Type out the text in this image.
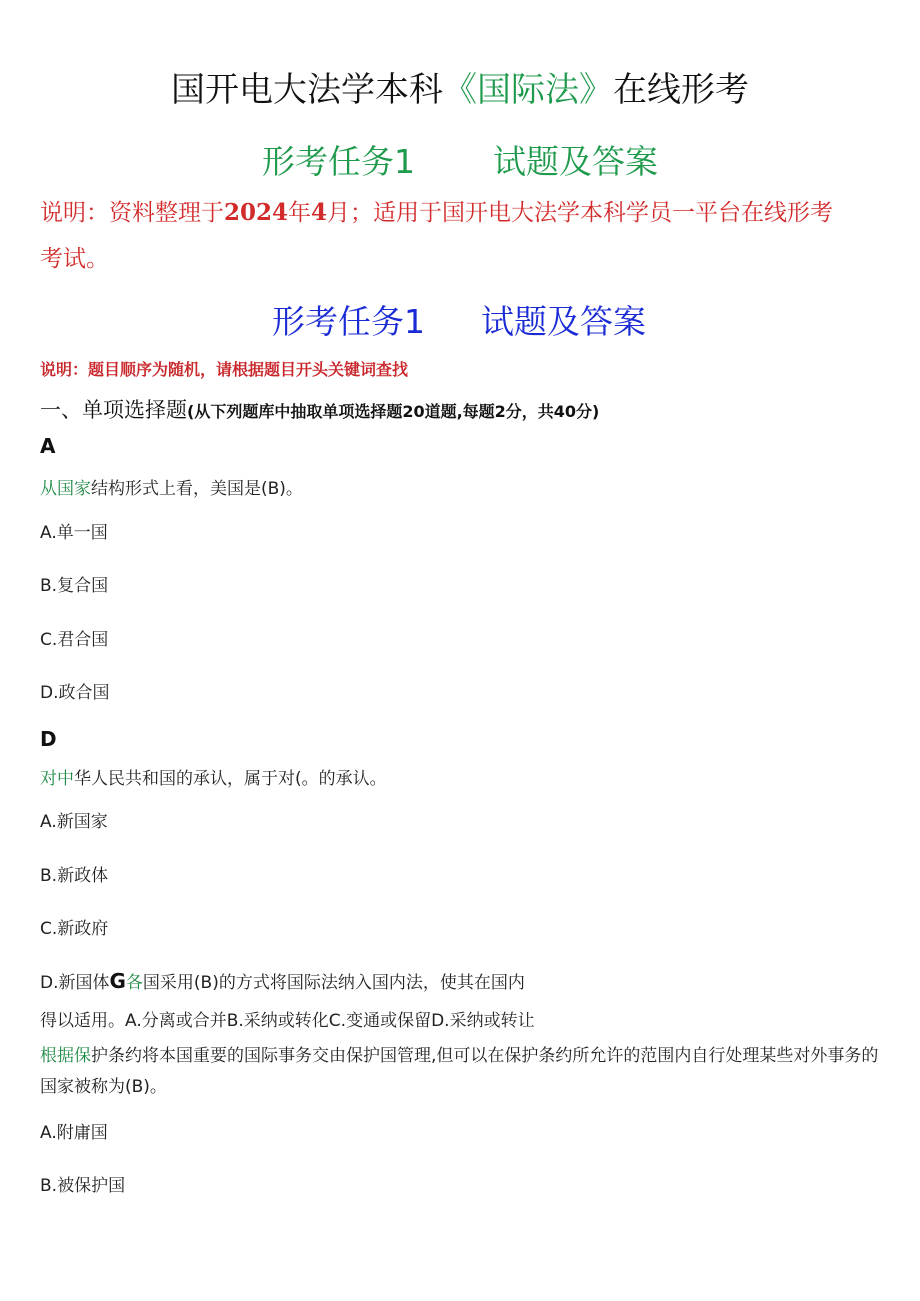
国开电大法学本科《国际法》在线形考
形考任务1 试题及答案
说明：资料整理于2024年4月；适用于国开电大法学本科学员一平台在线形考
考试。
形考任务1 试题及答案
说明：题目顺序为随机，请根据题目开头关键词查找
一、单项选择题(从下列题库中抽取单项选择题20道题,每题2分，共40分)
A
从国家结构形式上看，美国是(B)。
A.单一国
B.复合国
C.君合国
D.政合国
D
对中华人民共和国的承认，属于对(。的承认。
A.新国家
B.新政体
C.新政府
D.新国体G各国采用(B)的方式将国际法纳入国内法，使其在国内
得以适用。A.分离或合并B.采纳或转化C.变通或保留D.采纳或转让
根据保护条约将本国重要的国际事务交由保护国管理,但可以在保护条约所允许的范围内自行处理某些对外事务的国家被称为(B)。
A.附庸国
B.被保护国
